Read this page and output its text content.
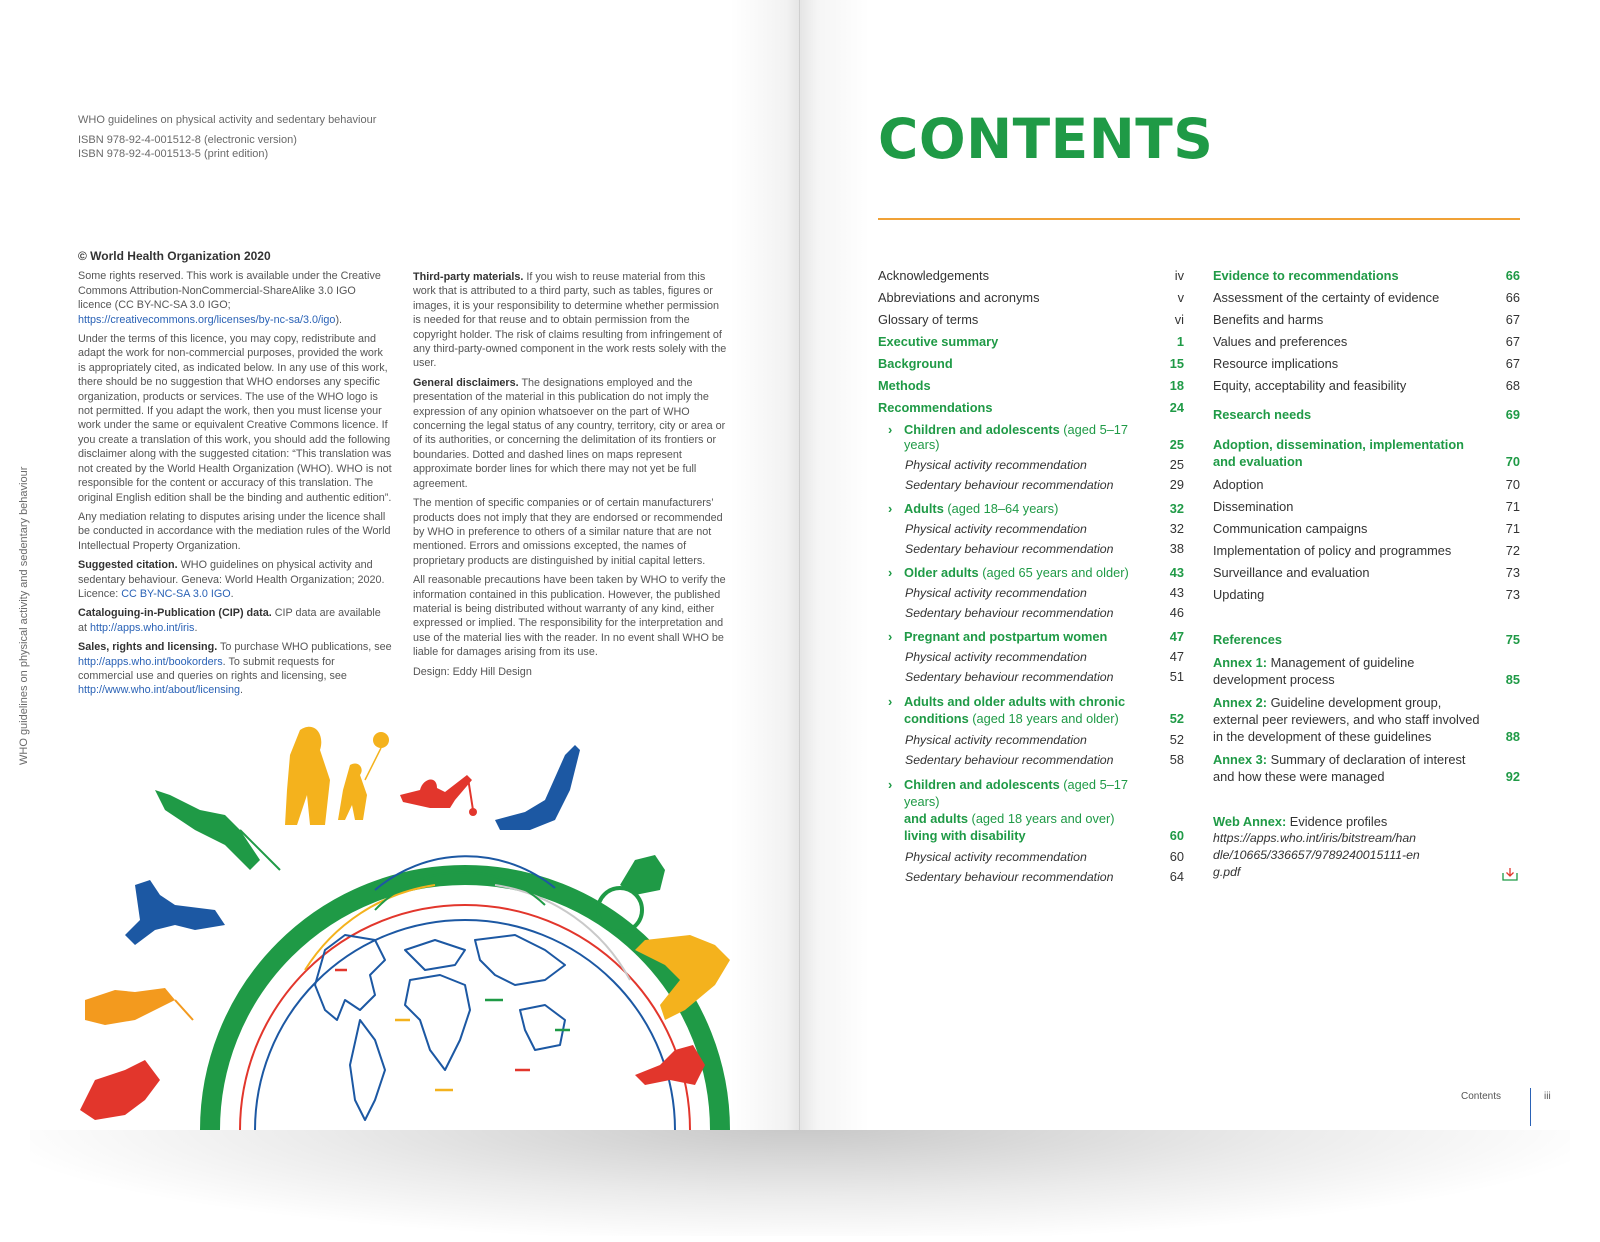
WHO guidelines on physical activity and sedentary behaviour
ISBN 978-92-4-001512-8 (electronic version)
ISBN 978-92-4-001513-5 (print edition)
WHO guidelines on physical activity and sedentary behaviour
© World Health Organization 2020

Some rights reserved. This work is available under the Creative Commons Attribution-NonCommercial-ShareAlike 3.0 IGO licence (CC BY-NC-SA 3.0 IGO; https://creativecommons.org/licenses/by-nc-sa/3.0/igo).

Under the terms of this licence, you may copy, redistribute and adapt the work for non-commercial purposes, provided the work is appropriately cited, as indicated below. In any use of this work, there should be no suggestion that WHO endorses any specific organization, products or services. The use of the WHO logo is not permitted. If you adapt the work, then you must license your work under the same or equivalent Creative Commons licence. If you create a translation of this work, you should add the following disclaimer along with the suggested citation: “This translation was not created by the World Health Organization (WHO). WHO is not responsible for the content or accuracy of this translation. The original English edition shall be the binding and authentic edition”.

Any mediation relating to disputes arising under the licence shall be conducted in accordance with the mediation rules of the World Intellectual Property Organization.

Suggested citation. WHO guidelines on physical activity and sedentary behaviour. Geneva: World Health Organization; 2020. Licence: CC BY-NC-SA 3.0 IGO.

Cataloguing-in-Publication (CIP) data. CIP data are available at http://apps.who.int/iris.

Sales, rights and licensing. To purchase WHO publications, see http://apps.who.int/bookorders. To submit requests for commercial use and queries on rights and licensing, see http://www.who.int/about/licensing.

Third-party materials. If you wish to reuse material from this work that is attributed to a third party, such as tables, figures or images, it is your responsibility to determine whether permission is needed for that reuse and to obtain permission from the copyright holder. The risk of claims resulting from infringement of any third-party-owned component in the work rests solely with the user.

General disclaimers. The designations employed and the presentation of the material in this publication do not imply the expression of any opinion whatsoever on the part of WHO concerning the legal status of any country, territory, city or area or of its authorities, or concerning the delimitation of its frontiers or boundaries. Dotted and dashed lines on maps represent approximate border lines for which there may not yet be full agreement.

The mention of specific companies or of certain manufacturers’ products does not imply that they are endorsed or recommended by WHO in preference to others of a similar nature that are not mentioned. Errors and omissions excepted, the names of proprietary products are distinguished by initial capital letters.

All reasonable precautions have been taken by WHO to verify the information contained in this publication. However, the published material is being distributed without warranty of any kind, either expressed or implied. The responsibility for the interpretation and use of the material lies with the reader. In no event shall WHO be liable for damages arising from its use.

Design: Eddy Hill Design

CONTENTS
Acknowledgements	iv
Abbreviations and acronyms	v
Glossary of terms	vi
Executive summary	1
Background	15
Methods	18
Recommendations	24
› Children and adolescents (aged 5–17 years)	25
Physical activity recommendation	25
Sedentary behaviour recommendation	29
› Adults (aged 18–64 years)	32
Physical activity recommendation	32
Sedentary behaviour recommendation	38
› Older adults (aged 65 years and older)	43
Physical activity recommendation	43
Sedentary behaviour recommendation	46
› Pregnant and postpartum women	47
Physical activity recommendation	47
Sedentary behaviour recommendation	51
› Adults and older adults with chronic conditions (aged 18 years and older)	52
Physical activity recommendation	52
Sedentary behaviour recommendation	58
› Children and adolescents (aged 5–17 years)
and adults (aged 18 years and over)
living with disability	60
Physical activity recommendation	60
Sedentary behaviour recommendation	64
Evidence to recommendations	66
Assessment of the certainty of evidence	66
Benefits and harms	67
Values and preferences	67
Resource implications	67
Equity, acceptability and feasibility	68
Research needs	69
Adoption, dissemination, implementation and evaluation	70
Adoption	70
Dissemination	71
Communication campaigns	71
Implementation of policy and programmes	72
Surveillance and evaluation	73
Updating	73
References	75
Annex 1: Management of guideline development process	85
Annex 2: Guideline development group, external peer reviewers, and who staff involved in the development of these guidelines	88
Annex 3: Summary of declaration of interest and how these were managed	92
Web Annex: Evidence profiles
https://apps.who.int/iris/bitstream/handle/10665/336657/9789240015111-eng.pdf
Contents	iii
